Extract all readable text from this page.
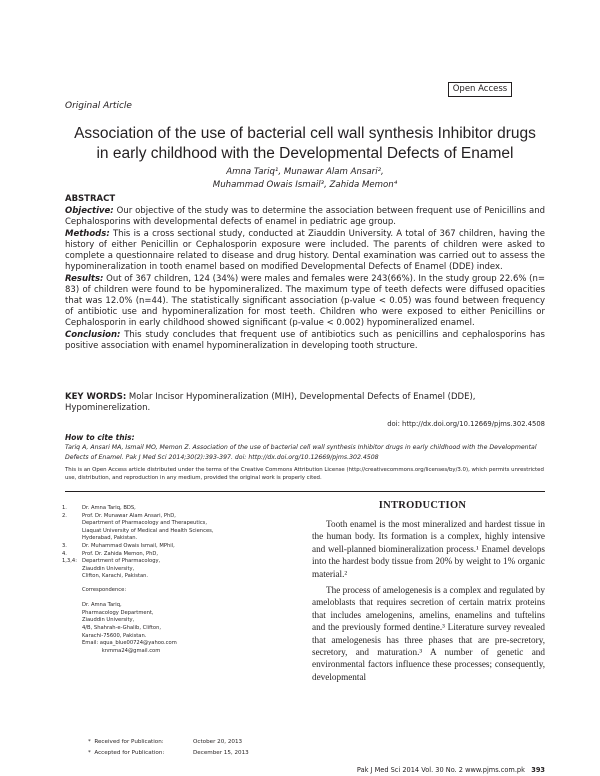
Open Access
Original Article
Association of the use of bacterial cell wall synthesis Inhibitor drugs in early childhood with the Developmental Defects of Enamel
Amna Tariq¹, Munawar Alam Ansari²,
Muhammad Owais Ismail³, Zahida Memon⁴

ABSTRACT

Objective: Our objective of the study was to determine the association between frequent use of Penicillins and Cephalosporins with developmental defects of enamel in pediatric age group.

Methods: This is a cross sectional study, conducted at Ziauddin University. A total of 367 children, having the history of either Penicillin or Cephalosporin exposure were included. The parents of children were asked to complete a questionnaire related to disease and drug history. Dental examination was carried out to assess the hypomineralization in tooth enamel based on modified Developmental Defects of Enamel (DDE) index.

Results: Out of 367 children, 124 (34%) were males and females were 243(66%). In the study group 22.6% (n= 83) of children were found to be hypomineralized. The maximum type of teeth defects were diffused opacities that was 12.0% (n=44). The statistically significant association (p-value < 0.05) was found between frequency of antibiotic use and hypomineralization for most teeth. Children who were exposed to either Penicillins or Cephalosporin in early childhood showed significant (p-value < 0.002) hypomineralized enamel.

Conclusion: This study concludes that frequent use of antibiotics such as penicillins and cephalosporins has positive association with enamel hypomineralization in developing tooth structure.

KEY WORDS: Molar Incisor Hypomineralization (MIH), Developmental Defects of Enamel (DDE), Hypominerelization.
doi: http://dx.doi.org/10.12669/pjms.302.4508
How to cite this:
Tariq A, Ansari MA, Ismail MO, Memon Z. Association of the use of bacterial cell wall synthesis Inhibitor drugs in early childhood with the Developmental Defects of Enamel. Pak J Med Sci 2014;30(2):393-397. doi: http://dx.doi.org/10.12669/pjms.302.4508
This is an Open Access article distributed under the terms of the Creative Commons Attribution License (http://creativecommons.org/licenses/by/3.0), which permits unrestricted use, distribution, and reproduction in any medium, provided the original work is properly cited.
1.	Dr. Amna Tariq, BDS,
2.	Prof. Dr. Munawar Alam Ansari, PhD,
Department of Pharmacology and Therapeutics,
Liaquat University of Medical and Health Sciences,
Hyderabad, Pakistan.
3.	Dr. Muhammad Owais Ismail, MPhil,
4.	Prof. Dr. Zahida Memon, PhD,
1,3,4: Department of Pharmacology,
Ziauddin University,
Clifton, Karachi, Pakistan.
Correspondence:

Dr. Amna Tariq,
Pharmacology Department,
Ziauddin University,
4/B, Shahrah-e-Ghalib, Clifton,
Karachi-75600, Pakistan.
Email: aqua_blue00724@yahoo.com
knmma24@gmail.com
*  Received for Publication:	October 20, 2013
*  Accepted for Publication:	December 15, 2013
INTRODUCTION

Tooth enamel is the most mineralized and hardest tissue in the human body. Its formation is a complex, highly intensive and well-planned biomineralization process.¹ Enamel develops into the hardest body tissue from 20% by weight to 1% organic material.²

The process of amelogenesis is a complex and regulated by ameloblasts that requires secretion of certain matrix proteins that includes amelogenins, amelins, enamelins and tuftelins and the previously formed dentine.³ Literature survey revealed that amelogenesis has three phases that are pre-secretory, secretory, and maturation.³ A number of genetic and environmental factors influence these processes; consequently, developmental

Pak J Med Sci 2014 Vol. 30 No. 2 www.pjms.com.pk 393
